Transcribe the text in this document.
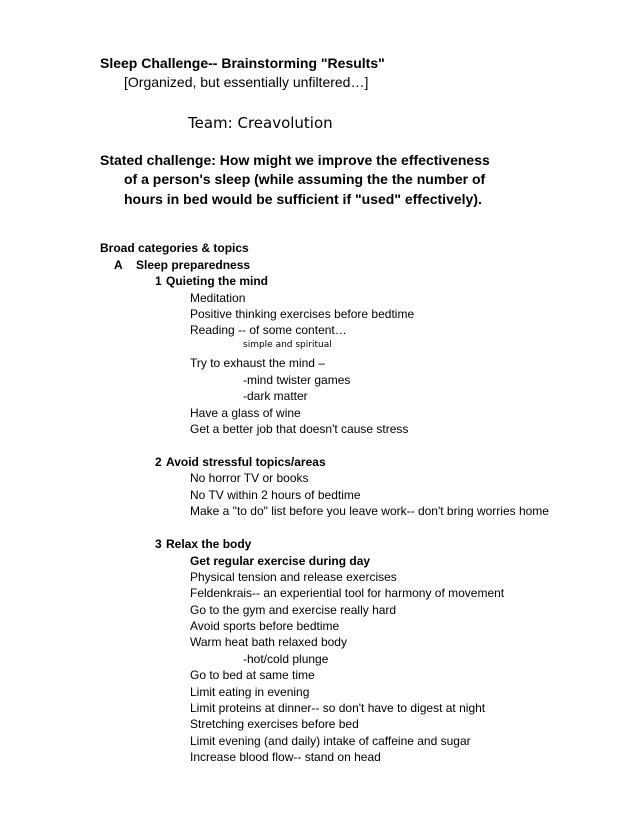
Sleep Challenge-- Brainstorming "Results"
[Organized, but essentially unfiltered…]
Team: Creavolution
Stated challenge: How might we improve the effectiveness
of a person's sleep (while assuming the the number of
hours in bed would be sufficient if "used" effectively).
Broad categories & topics
A Sleep preparedness
1 Quieting the mind
Meditation
Positive thinking exercises before bedtime
Reading -- of some content…
simple and spiritual
Try to exhaust the mind –
-mind twister games
-dark matter
Have a glass of wine
Get a better job that doesn't cause stress
2 Avoid stressful topics/areas
No horror TV or books
No TV within 2 hours of bedtime
Make a "to do" list before you leave work-- don't bring worries home
3 Relax the body
Get regular exercise during day
Physical tension and release exercises
Feldenkrais-- an experiential tool for harmony of movement
Go to the gym and exercise really hard
Avoid sports before bedtime
Warm heat bath relaxed body
-hot/cold plunge
Go to bed at same time
Limit eating in evening
Limit proteins at dinner-- so don't have to digest at night
Stretching exercises before bed
Limit evening (and daily) intake of caffeine and sugar
Increase blood flow-- stand on head
